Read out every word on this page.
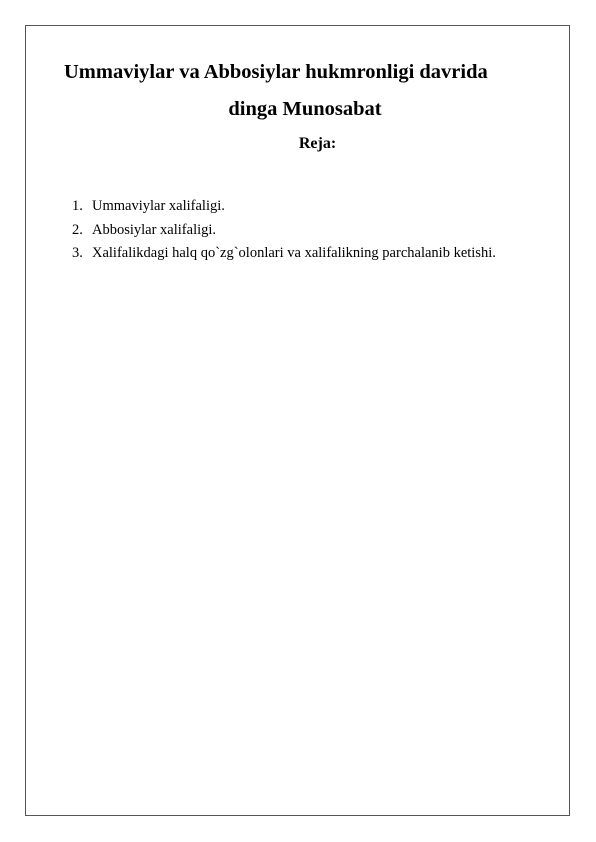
Ummaviylar va Abbosiylar hukmronligi davrida
dinga Munosabat
Reja:
1. Ummaviylar xalifaligi.
2. Abbosiylar xalifaligi.
3. Xalifalikdagi halq qo`zg`olonlari va xalifalikning parchalanib ketishi.
